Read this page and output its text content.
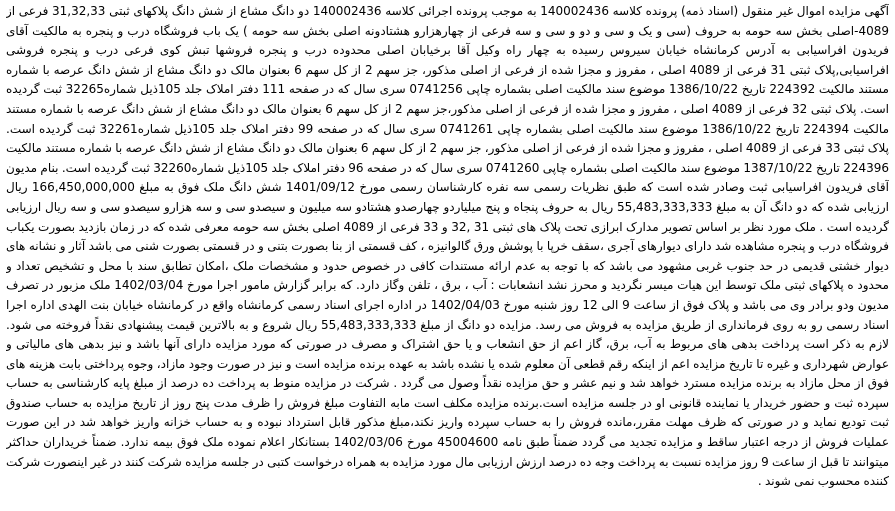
آگهی مزایده اموال غیر منقول (اسناد ذمه) پرونده کلاسه 140002436 به موجب پرونده اجرائی کلاسه 140002436 دو دانگ مشاع از شش دانگ پلاکهای ثبتی 31,32,33 فرعی از 4089-اصلی بخش سه حومه به حروف (سی و یک و سی و دو و سی و سه فرعی از چهارهزارو هشتادونه اصلی بخش سه حومه ) یک باب فروشگاه درب و پنجره به مالکیت آقای فریدون افراسیابی به آدرس کرمانشاه خیابان سیروس رسیده به چهار راه وکیل آقا برخیابان اصلی محدوده درب و پنجره فروشها تبش کوی فرعی درب و پنجره فروشی افراسیابی,پلاک ثبتی 31 فرعی از 4089 اصلی ، مفروز و مجزا شده از فرعی از اصلی مذکور، جز سهم 2 از کل سهم 6 بعنوان مالک دو دانگ مشاع از شش دانگ عرصه با شماره مستند مالکیت 224392 تاریخ 1386/10/22 موضوع سند مالکیت اصلی بشماره چاپی 0741256 سری سال که در صفحه 111 دفتر املاک جلد 105ذیل شماره32265 ثبت گردیده است. پلاک ثبتی 32 فرعی از 4089 اصلی ، مفروز و مجزا شده از فرعی از اصلی مذکور،جز سهم 2 از کل سهم 6 بعنوان مالک دو دانگ مشاع از شش دانگ عرصه با شماره مستند مالکیت 224394 تاریخ 1386/10/22 موضوع سند مالکیت اصلی بشماره چاپی 0741261 سری سال که در صفحه 99 دفتر املاک جلد 105ذیل شماره32261 ثبت گردیده است. پلاک ثبتی 33 فرعی از 4089 اصلی ، مفروز و مجزا شده از فرعی از اصلی مذکور، جز سهم 2 از کل سهم 6 بعنوان مالک دو دانگ مشاع از شش دانگ عرصه با شماره مستند مالکیت 224396 تاریخ 1387/10/22 موضوع سند مالکیت اصلی بشماره چاپی 0741260 سری سال که در صفحه 96 دفتر املاک جلد 105ذیل شماره32260 ثبت گردیده است. بنام مدیون آقای فریدون افراسیابی ثبت وصادر شده است که طبق نظریات رسمی سه نفره کارشناسان رسمی مورخ 1401/09/12 شش دانگ ملک فوق به مبلغ 166,450,000,000 ریال ارزیابی شده که دو دانگ آن به مبلغ 55,483,333,333 ریال به حروف پنجاه و پنج میلیاردو چهارصدو هشتادو سه میلیون و سیصدو سی و سه هزارو سیصدو سی و سه ریال ارزیابی گردیده است . ملک مورد نظر بر اساس تصویر مدارک ابرازی تحت پلاک های ثبتی 31 ,32 و 33 فرعی از 4089 اصلی بخش سه حومه معرفی شده که در زمان بازدید بصورت یکباب فروشگاه درب و پنجره مشاهده شد دارای دیوارهای آجری ،سقف خرپا با پوشش ورق گالوانیزه ، کف قسمتی از بنا بصورت بتنی و در قسمتی بصورت شنی می باشد آثار و نشانه های دیوار خشتی قدیمی در حد جنوب غربی مشهود می باشد که با توجه به عدم ارائه مستندات کافی در خصوص حدود و مشخصات ملک ،امکان تطابق سند با محل و تشخیص تعداد و محدود ه پلاکهای ثبتی ملک توسط این هیات میسر نگردید و محرز نشد انشعابات : آب ، برق ، تلفن وگاز دارد. که برابر گزارش مامور اجرا مورخ 1402/03/04 ملک مزبور در تصرف مدیون ودو برادر وی می باشد و پلاک فوق از ساعت 9 الی 12 روز شنبه مورخ 1402/04/03 در اداره اجرای اسناد رسمی کرمانشاه واقع در کرمانشاه خیابان بنت الهدی اداره اجرا اسناد رسمی رو به روی فرمانداری از طریق مزایده به فروش می رسد. مزایده دو دانگ از مبلغ 55,483,333,333 ریال شروع و به بالاترین قیمت پیشنهادی نقداً فروخته می شود. لازم به ذکر است پرداخت بدهی های مربوط به آب، برق، گاز اعم از حق انشعاب و یا حق اشتراک و مصرف در صورتی که مورد مزایده دارای آنها باشد و نیز بدهی های مالیاتی و عوارض شهرداری و غیره تا تاریخ مزایده اعم از اینکه رقم قطعی آن معلوم شده یا نشده باشد به عهده برنده مزایده است و نیز در صورت وجود مازاد، وجوه پرداختی بابت هزینه های فوق از محل مازاد به برنده مزایده مسترد خواهد شد و نیم عشر و حق مزایده نقداً وصول می گردد . شرکت در مزایده منوط به پرداخت ده درصد از مبلغ پایه کارشناسی به حساب سپرده ثبت و حضور خریدار یا نماینده قانونی او در جلسه مزایده است.برنده مزایده مکلف است مابه التفاوت مبلغ فروش را ظرف مدت پنج روز از تاریخ مزایده به حساب صندوق ثبت تودیع نماید و در صورتی که ظرف مهلت مقرر،مانده فروش را به حساب سپرده واریز نکند،مبلغ مذکور قابل استرداد نبوده و به حساب خزانه واریز خواهد شد در این صورت عملیات فروش از درجه اعتبار ساقط و مزایده تجدید می گردد ضمناً طبق نامه 45004600 مورخ 1402/03/06 بستانکار اعلام نموده ملک فوق بیمه ندارد. ضمناً خریداران حداکثر میتوانند تا قبل از ساعت 9 روز مزایده نسبت به پرداخت وجه ده درصد ارزش ارزیابی مال مورد مزایده به همراه درخواست کتبی در جلسه مزایده شرکت کنند در غیر اینصورت شرکت کننده محسوب نمی شوند .
